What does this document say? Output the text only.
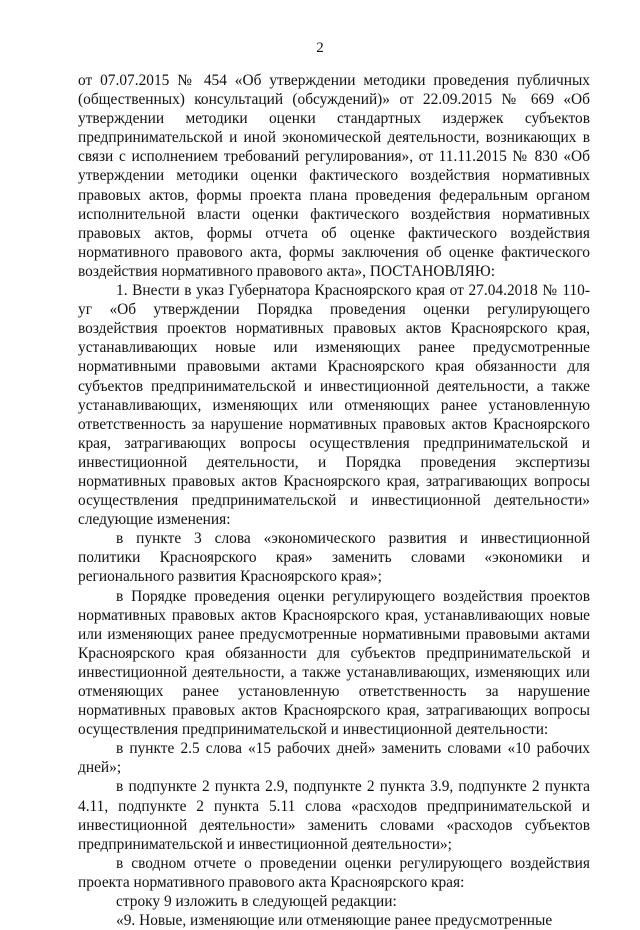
2

от 07.07.2015 № 454 «Об утверждении методики проведения публичных (общественных) консультаций (обсуждений)» от 22.09.2015 № 669 «Об утверждении методики оценки стандартных издержек субъектов предпринимательской и иной экономической деятельности, возникающих в связи с исполнением требований регулирования», от 11.11.2015 № 830 «Об утверждении методики оценки фактического воздействия нормативных правовых актов, формы проекта плана проведения федеральным органом исполнительной власти оценки фактического воздействия нормативных правовых актов, формы отчета об оценке фактического воздействия нормативного правового акта, формы заключения об оценке фактического воздействия нормативного правового акта», ПОСТАНОВЛЯЮ:

1. Внести в указ Губернатора Красноярского края от 27.04.2018 № 110-уг «Об утверждении Порядка проведения оценки регулирующего воздействия проектов нормативных правовых актов Красноярского края, устанавливающих новые или изменяющих ранее предусмотренные нормативными правовыми актами Красноярского края обязанности для субъектов предпринимательской и инвестиционной деятельности, а также устанавливающих, изменяющих или отменяющих ранее установленную ответственность за нарушение нормативных правовых актов Красноярского края, затрагивающих вопросы осуществления предпринимательской и инвестиционной деятельности, и Порядка проведения экспертизы нормативных правовых актов Красноярского края, затрагивающих вопросы осуществления предпринимательской и инвестиционной деятельности» следующие изменения:

в пункте 3 слова «экономического развития и инвестиционной политики Красноярского края» заменить словами «экономики и регионального развития Красноярского края»;

в Порядке проведения оценки регулирующего воздействия проектов нормативных правовых актов Красноярского края, устанавливающих новые или изменяющих ранее предусмотренные нормативными правовыми актами Красноярского края обязанности для субъектов предпринимательской и инвестиционной деятельности, а также устанавливающих, изменяющих или отменяющих ранее установленную ответственность за нарушение нормативных правовых актов Красноярского края, затрагивающих вопросы осуществления предпринимательской и инвестиционной деятельности:

в пункте 2.5 слова «15 рабочих дней» заменить словами «10 рабочих дней»;

в подпункте 2 пункта 2.9, подпункте 2 пункта 3.9, подпункте 2 пункта 4.11, подпункте 2 пункта 5.11 слова «расходов предпринимательской и инвестиционной деятельности» заменить словами «расходов субъектов предпринимательской и инвестиционной деятельности»;

в сводном отчете о проведении оценки регулирующего воздействия проекта нормативного правового акта Красноярского края:

строку 9 изложить в следующей редакции:

«9. Новые, изменяющие или отменяющие ранее предусмотренные
